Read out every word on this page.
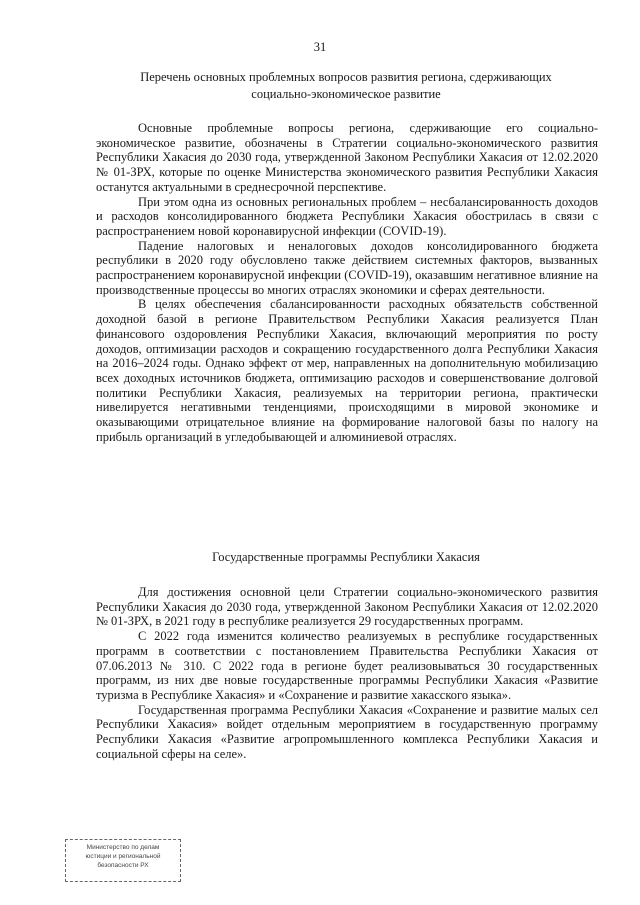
31
Перечень основных проблемных вопросов развития региона, сдерживающих
социально-экономическое развитие

Основные проблемные вопросы региона, сдерживающие его социально-экономическое развитие, обозначены в Стратегии социально-экономического развития Республики Хакасия до 2030 года, утвержденной Законом Республики Хакасия от 12.02.2020 № 01-ЗРХ, которые по оценке Министерства экономического развития Республики Хакасия останутся актуальными в среднесрочной перспективе.

При этом одна из основных региональных проблем – несбалансированность доходов и расходов консолидированного бюджета Республики Хакасия обострилась в связи с распространением новой коронавирусной инфекции (COVID-19).

Падение налоговых и неналоговых доходов консолидированного бюджета республики в 2020 году обусловлено также действием системных факторов, вызванных распространением коронавирусной инфекции (COVID-19), оказавшим негативное влияние на производственные процессы во многих отраслях экономики и сферах деятельности.

В целях обеспечения сбалансированности расходных обязательств собственной доходной базой в регионе Правительством Республики Хакасия реализуется План финансового оздоровления Республики Хакасия, включающий мероприятия по росту доходов, оптимизации расходов и сокращению государственного долга Республики Хакасия на 2016–2024 годы. Однако эффект от мер, направленных на дополнительную мобилизацию всех доходных источников бюджета, оптимизацию расходов и совершенствование долговой политики Республики Хакасия, реализуемых на территории региона, практически нивелируется негативными тенденциями, происходящими в мировой экономике и оказывающими отрицательное влияние на формирование налоговой базы по налогу на прибыль организаций в угледобывающей и алюминиевой отраслях.

Государственные программы Республики Хакасия

Для достижения основной цели Стратегии социально-экономического развития Республики Хакасия до 2030 года, утвержденной Законом Республики Хакасия от 12.02.2020 № 01-ЗРХ, в 2021 году в республике реализуется 29 государственных программ.

С 2022 года изменится количество реализуемых в республике государственных программ в соответствии с постановлением Правительства Республики Хакасия от 07.06.2013 № 310. С 2022 года в регионе будет реализовываться 30 государственных программ, из них две новые государственные программы Республики Хакасия «Развитие туризма в Республике Хакасия» и «Сохранение и развитие хакасского языка».

Государственная программа Республики Хакасия «Сохранение и развитие малых сел Республики Хакасия» войдет отдельным мероприятием в государственную программу Республики Хакасия «Развитие агропромышленного комплекса Республики Хакасия и социальной сферы на селе».

Министерство по делам
юстиции и региональной
безопасности РХ
